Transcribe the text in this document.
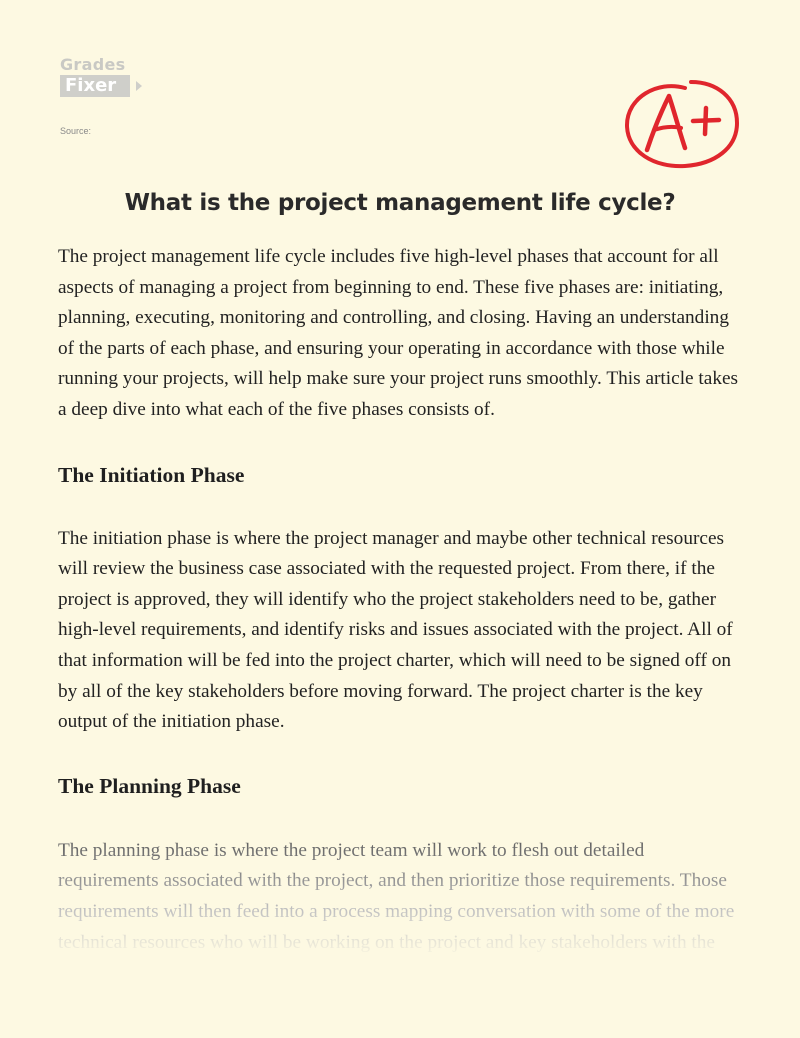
Grades
Fixer
Source:
What is the project management life cycle?

The project management life cycle includes five high-level phases that account for all aspects of managing a project from beginning to end. These five phases are: initiating, planning, executing, monitoring and controlling, and closing. Having an understanding of the parts of each phase, and ensuring your operating in accordance with those while running your projects, will help make sure your project runs smoothly. This article takes a deep dive into what each of the five phases consists of.

The Initiation Phase

The initiation phase is where the project manager and maybe other technical resources will review the business case associated with the requested project. From there, if the project is approved, they will identify who the project stakeholders need to be, gather high-level requirements, and identify risks and issues associated with the project. All of that information will be fed into the project charter, which will need to be signed off on by all of the key stakeholders before moving forward. The project charter is the key output of the initiation phase.

The Planning Phase

The planning phase is where the project team will work to flesh out detailed requirements associated with the project, and then prioritize those requirements. Those requirements will then feed into a process mapping conversation with some of the more technical resources who will be working on the project and key stakeholders with the intent of fleshing out all of more granular details about the functionality associated with
